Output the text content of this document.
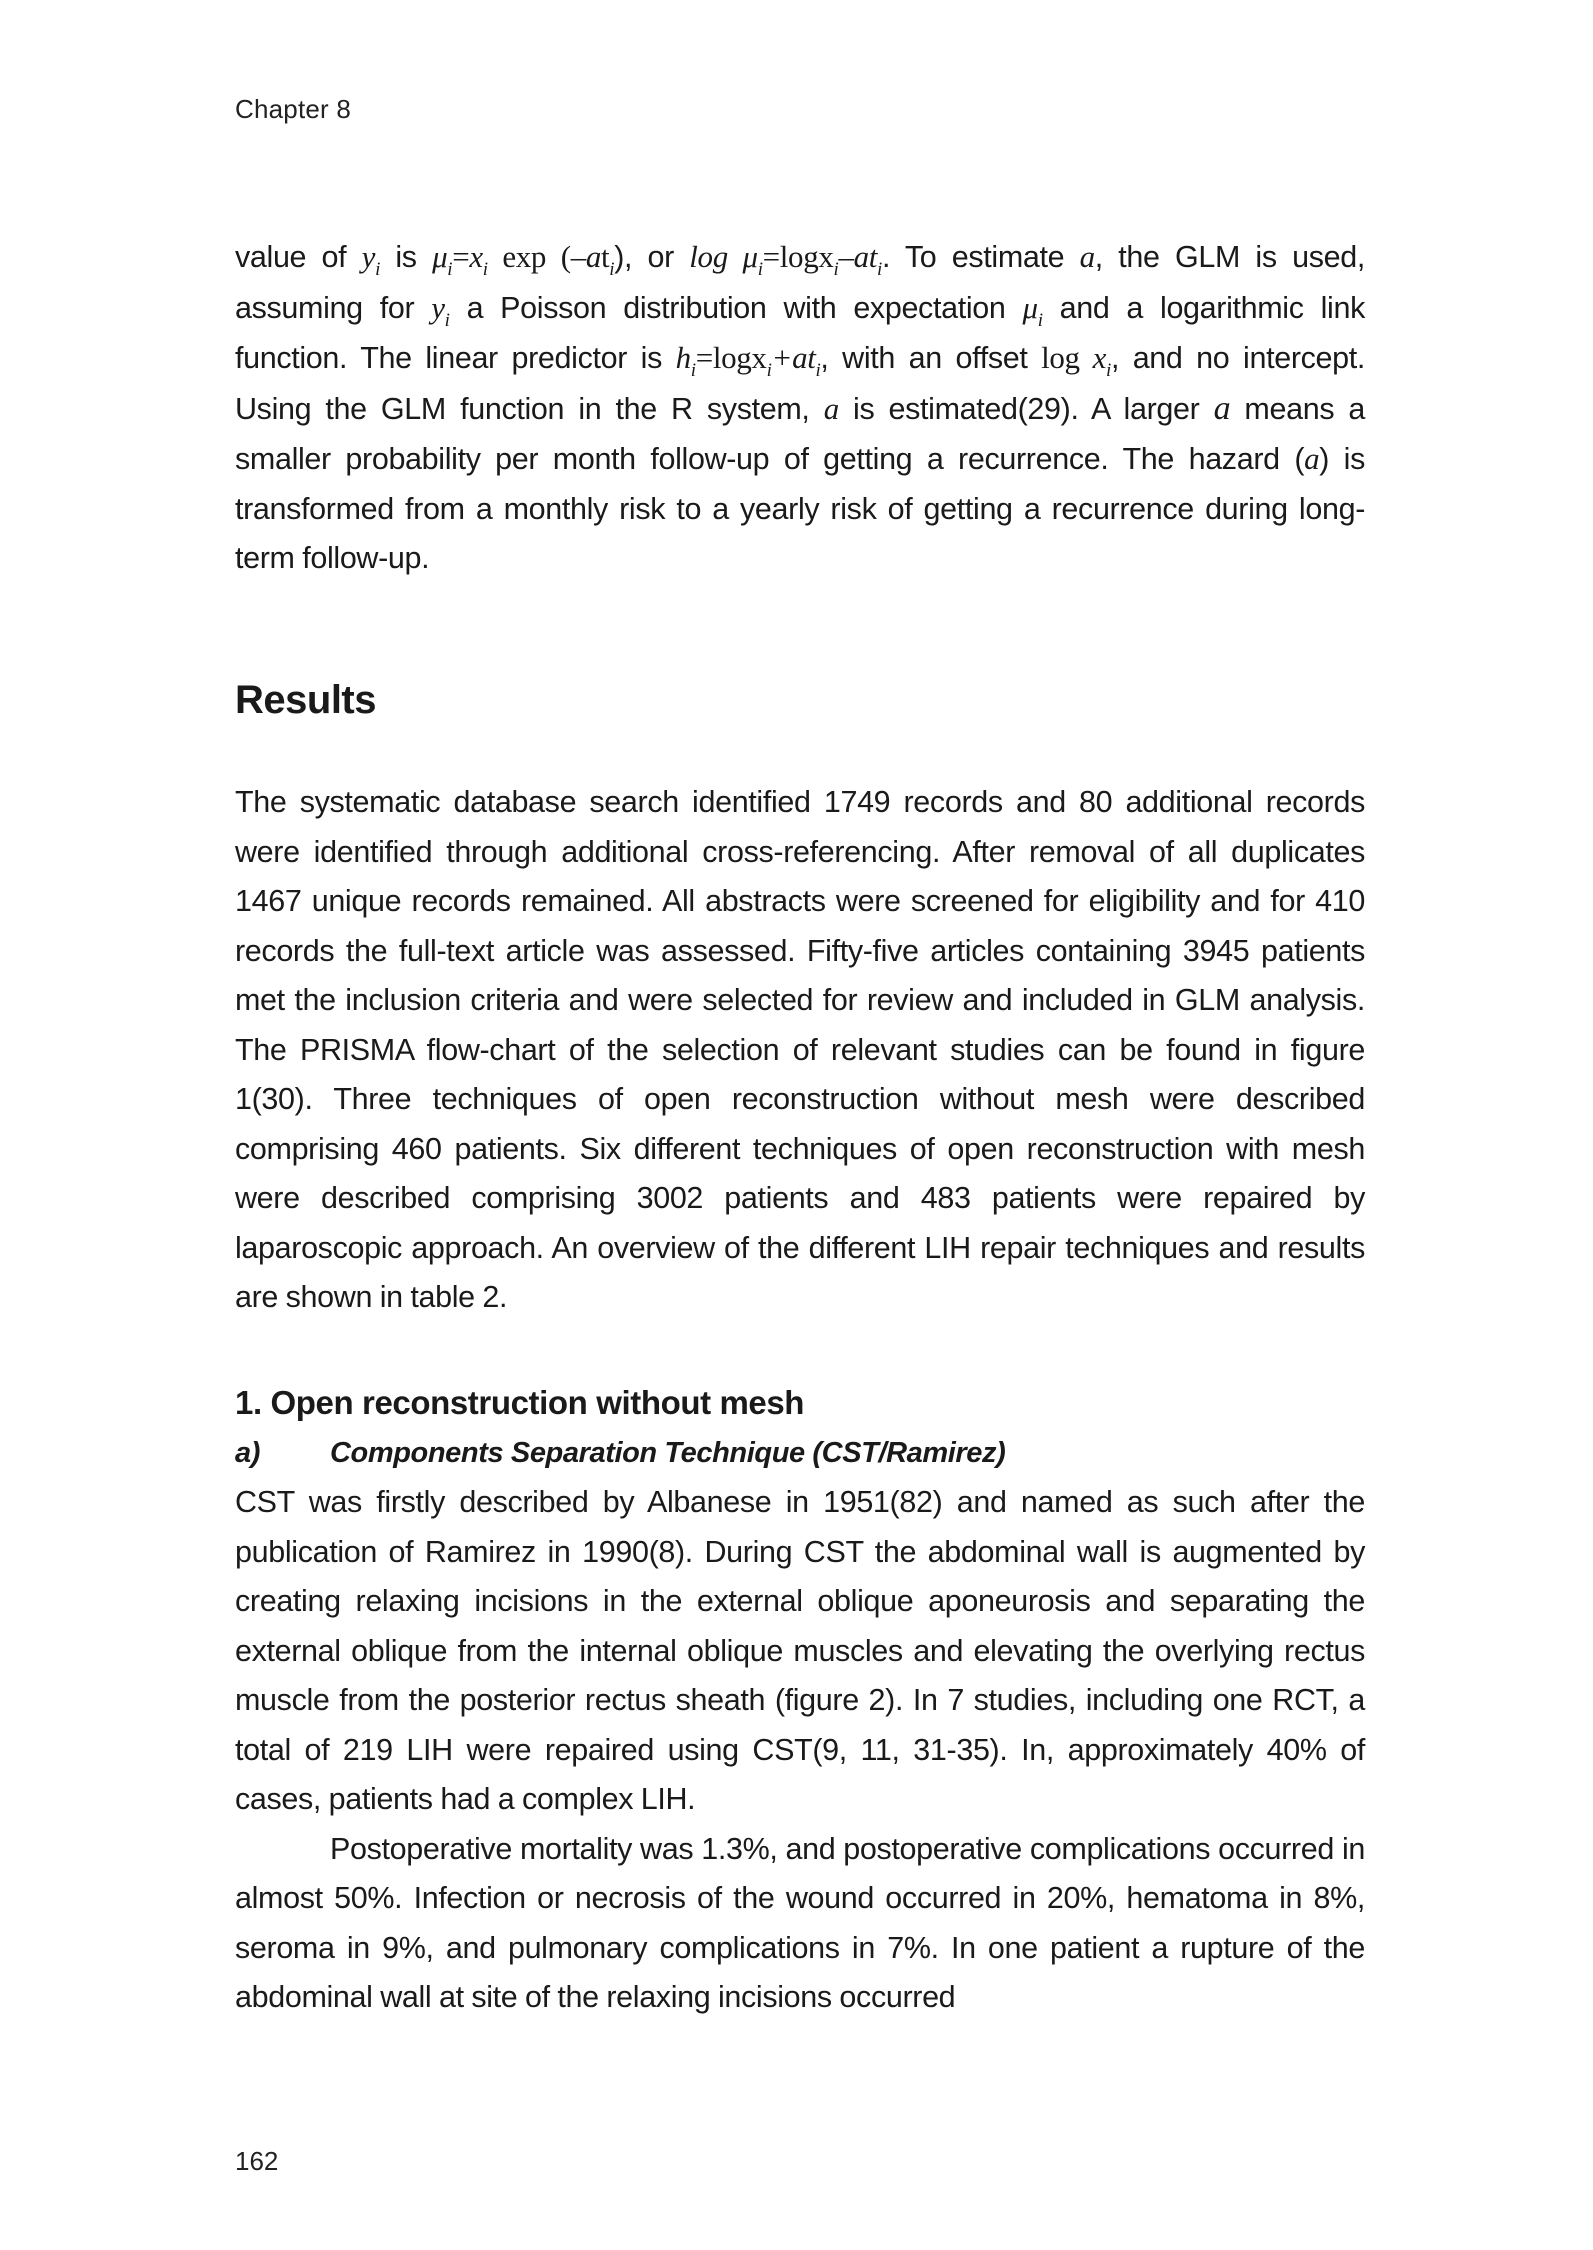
Chapter 8

value of $y_i$ is $\mu_i=x_i$ $\exp (-at_i)$, or $\log \mu_i=\log x_i-at_i$. To estimate a, the GLM is used, assuming for $y_i$ a Poisson distribution with expectation $\mu_i$ and a logarithmic link function. The linear predictor is $h_i=\log x_i+at_i$, with an offset $\log x_i$, and no intercept. Using the GLM function in the R system, a is estimated(29). A larger a means a smaller probability per month follow-up of getting a recurrence. The hazard (a) is transformed from a monthly risk to a yearly risk of getting a recurrence during long-term follow-up.

Results

The systematic database search identified 1749 records and 80 additional records were identified through additional cross-referencing. After removal of all duplicates 1467 unique records remained. All abstracts were screened for eligibility and for 410 records the full-text article was assessed. Fifty-five articles containing 3945 patients met the inclusion criteria and were selected for review and included in GLM analysis. The PRISMA flow-chart of the selection of relevant studies can be found in figure 1(30). Three techniques of open reconstruction without mesh were described comprising 460 patients. Six different techniques of open reconstruction with mesh were described comprising 3002 patients and 483 patients were repaired by laparoscopic approach. An overview of the different LIH repair techniques and results are shown in table 2.

1. Open reconstruction without mesh
a)	Components Separation Technique (CST/Ramirez)

CST was firstly described by Albanese in 1951(82) and named as such after the publication of Ramirez in 1990(8). During CST the abdominal wall is augmented by creating relaxing incisions in the external oblique aponeurosis and separating the external oblique from the internal oblique muscles and elevating the overlying rectus muscle from the posterior rectus sheath (figure 2). In 7 studies, including one RCT, a total of 219 LIH were repaired using CST(9, 11, 31-35). In, approximately 40% of cases, patients had a complex LIH.

Postoperative mortality was 1.3%, and postoperative complications occurred in almost 50%. Infection or necrosis of the wound occurred in 20%, hematoma in 8%, seroma in 9%, and pulmonary complications in 7%. In one patient a rupture of the abdominal wall at site of the relaxing incisions occurred

162
